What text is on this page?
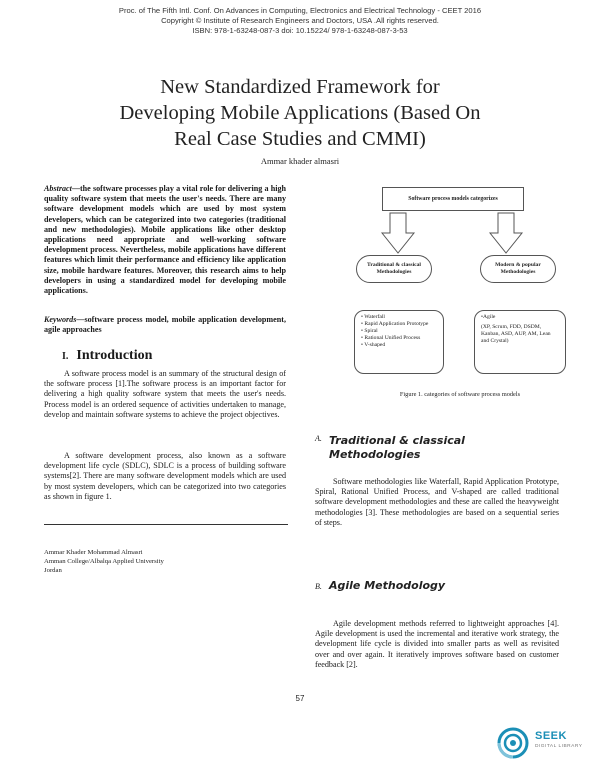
Proc. of The Fifth Intl. Conf. On Advances in Computing, Electronics and Electrical Technology - CEET 2016
Copyright © Institute of Research Engineers and Doctors, USA .All rights reserved.
ISBN: 978-1-63248-087-3 doi: 10.15224/ 978-1-63248-087-3-53
New Standardized Framework for
Developing Mobile Applications (Based On
Real Case Studies and CMMI)
Ammar khader almasri
Abstract—the software processes play a vital role for delivering a high quality software system that meets the user's needs. There are many software development models which are used by most system developers, which can be categorized into two categories (traditional and new methodologies). Mobile applications like other desktop applications need appropriate and well-working software development process. Nevertheless, mobile applications have different features which limit their performance and efficiency like application size, mobile hardware features. Moreover, this research aims to help developers in using a standardized model for developing mobile applications.
Keywords—software process model, mobile application development, agile approaches
I. Introduction
A software process model is an summary of the structural design of the software process [1].The software process is an important factor for delivering a high quality software system that meets the user's needs. Process model is an ordered sequence of activities undertaken to manage, develop and maintain software systems to achieve the project objectives.
A software development process, also known as a software development life cycle (SDLC), SDLC is a process of building software systems[2]. There are many software development models which are used by most system developers, which can be categorized into two categories as shown in figure 1.
Ammar Khader Mohammad Almasri
Amman College/Albalqa Applied University
Jordan
Software process models categorizes
Traditional & classical Methodologies
Modern & popular Methodologies
• Waterfall
• Rapid Application Prototype
• Spiral
• Rational Unified Process
• V-shaped
•Agile
(XP, Scrum, FDD, DSDM, Kanban, ASD, AUP, AM, Lean and Crystal)
Figure 1. categories of software process models
A. Traditional & classical Methodologies
Software methodologies like Waterfall, Rapid Application Prototype, Spiral, Rational Unified Process, and V-shaped are called traditional software development methodologies and these are called the heavyweight methodologies [3]. These methodologies are based on a sequential series of steps.
B. Agile Methodology
Agile development methods referred to lightweight approaches [4]. Agile development is used the incremental and iterative work strategy, the development life cycle is divided into smaller parts as well as revisited over and over again. It iteratively improves software based on customer feedback [2].
57
SEEK
DIGITAL LIBRARY
